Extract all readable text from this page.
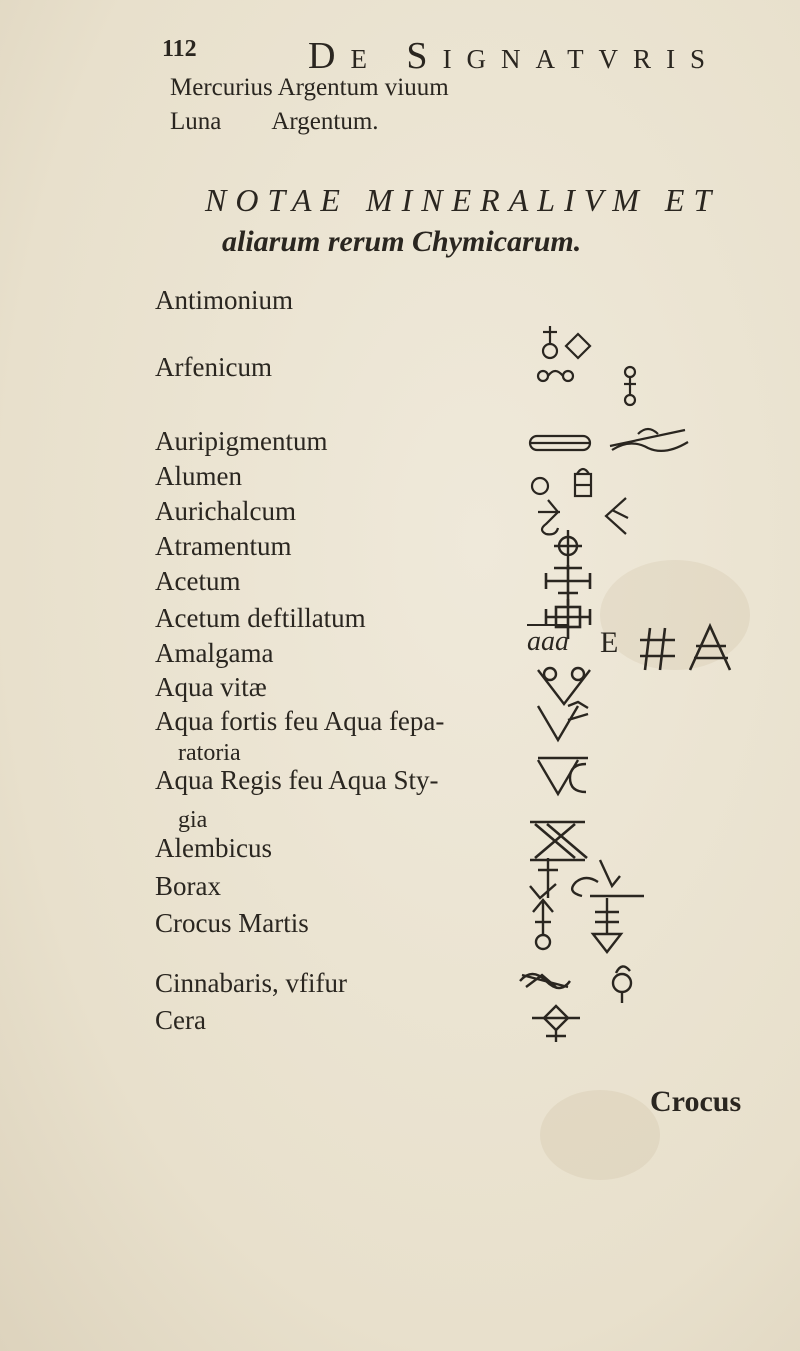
112	De Signatvris
Mercurius Argentum viuum
Luna Argentum.
NOTAE MINERALIVM ET
aliarum rerum Chymicarum.
Antimonium
Arfenicum
Auripigmentum
Alumen
Aurichalcum
Atramentum
Acetum
Acetum deftillatum
Amalgama
Aqua vitæ
Aqua fortis feu Aqua fepa-
ratoria
Aqua Regis feu Aqua Sty-
gia
Alembicus
Borax
Crocus Martis
Cinnabaris, vfifur
Cera
$\overline{aaa}$ E
Crocus
